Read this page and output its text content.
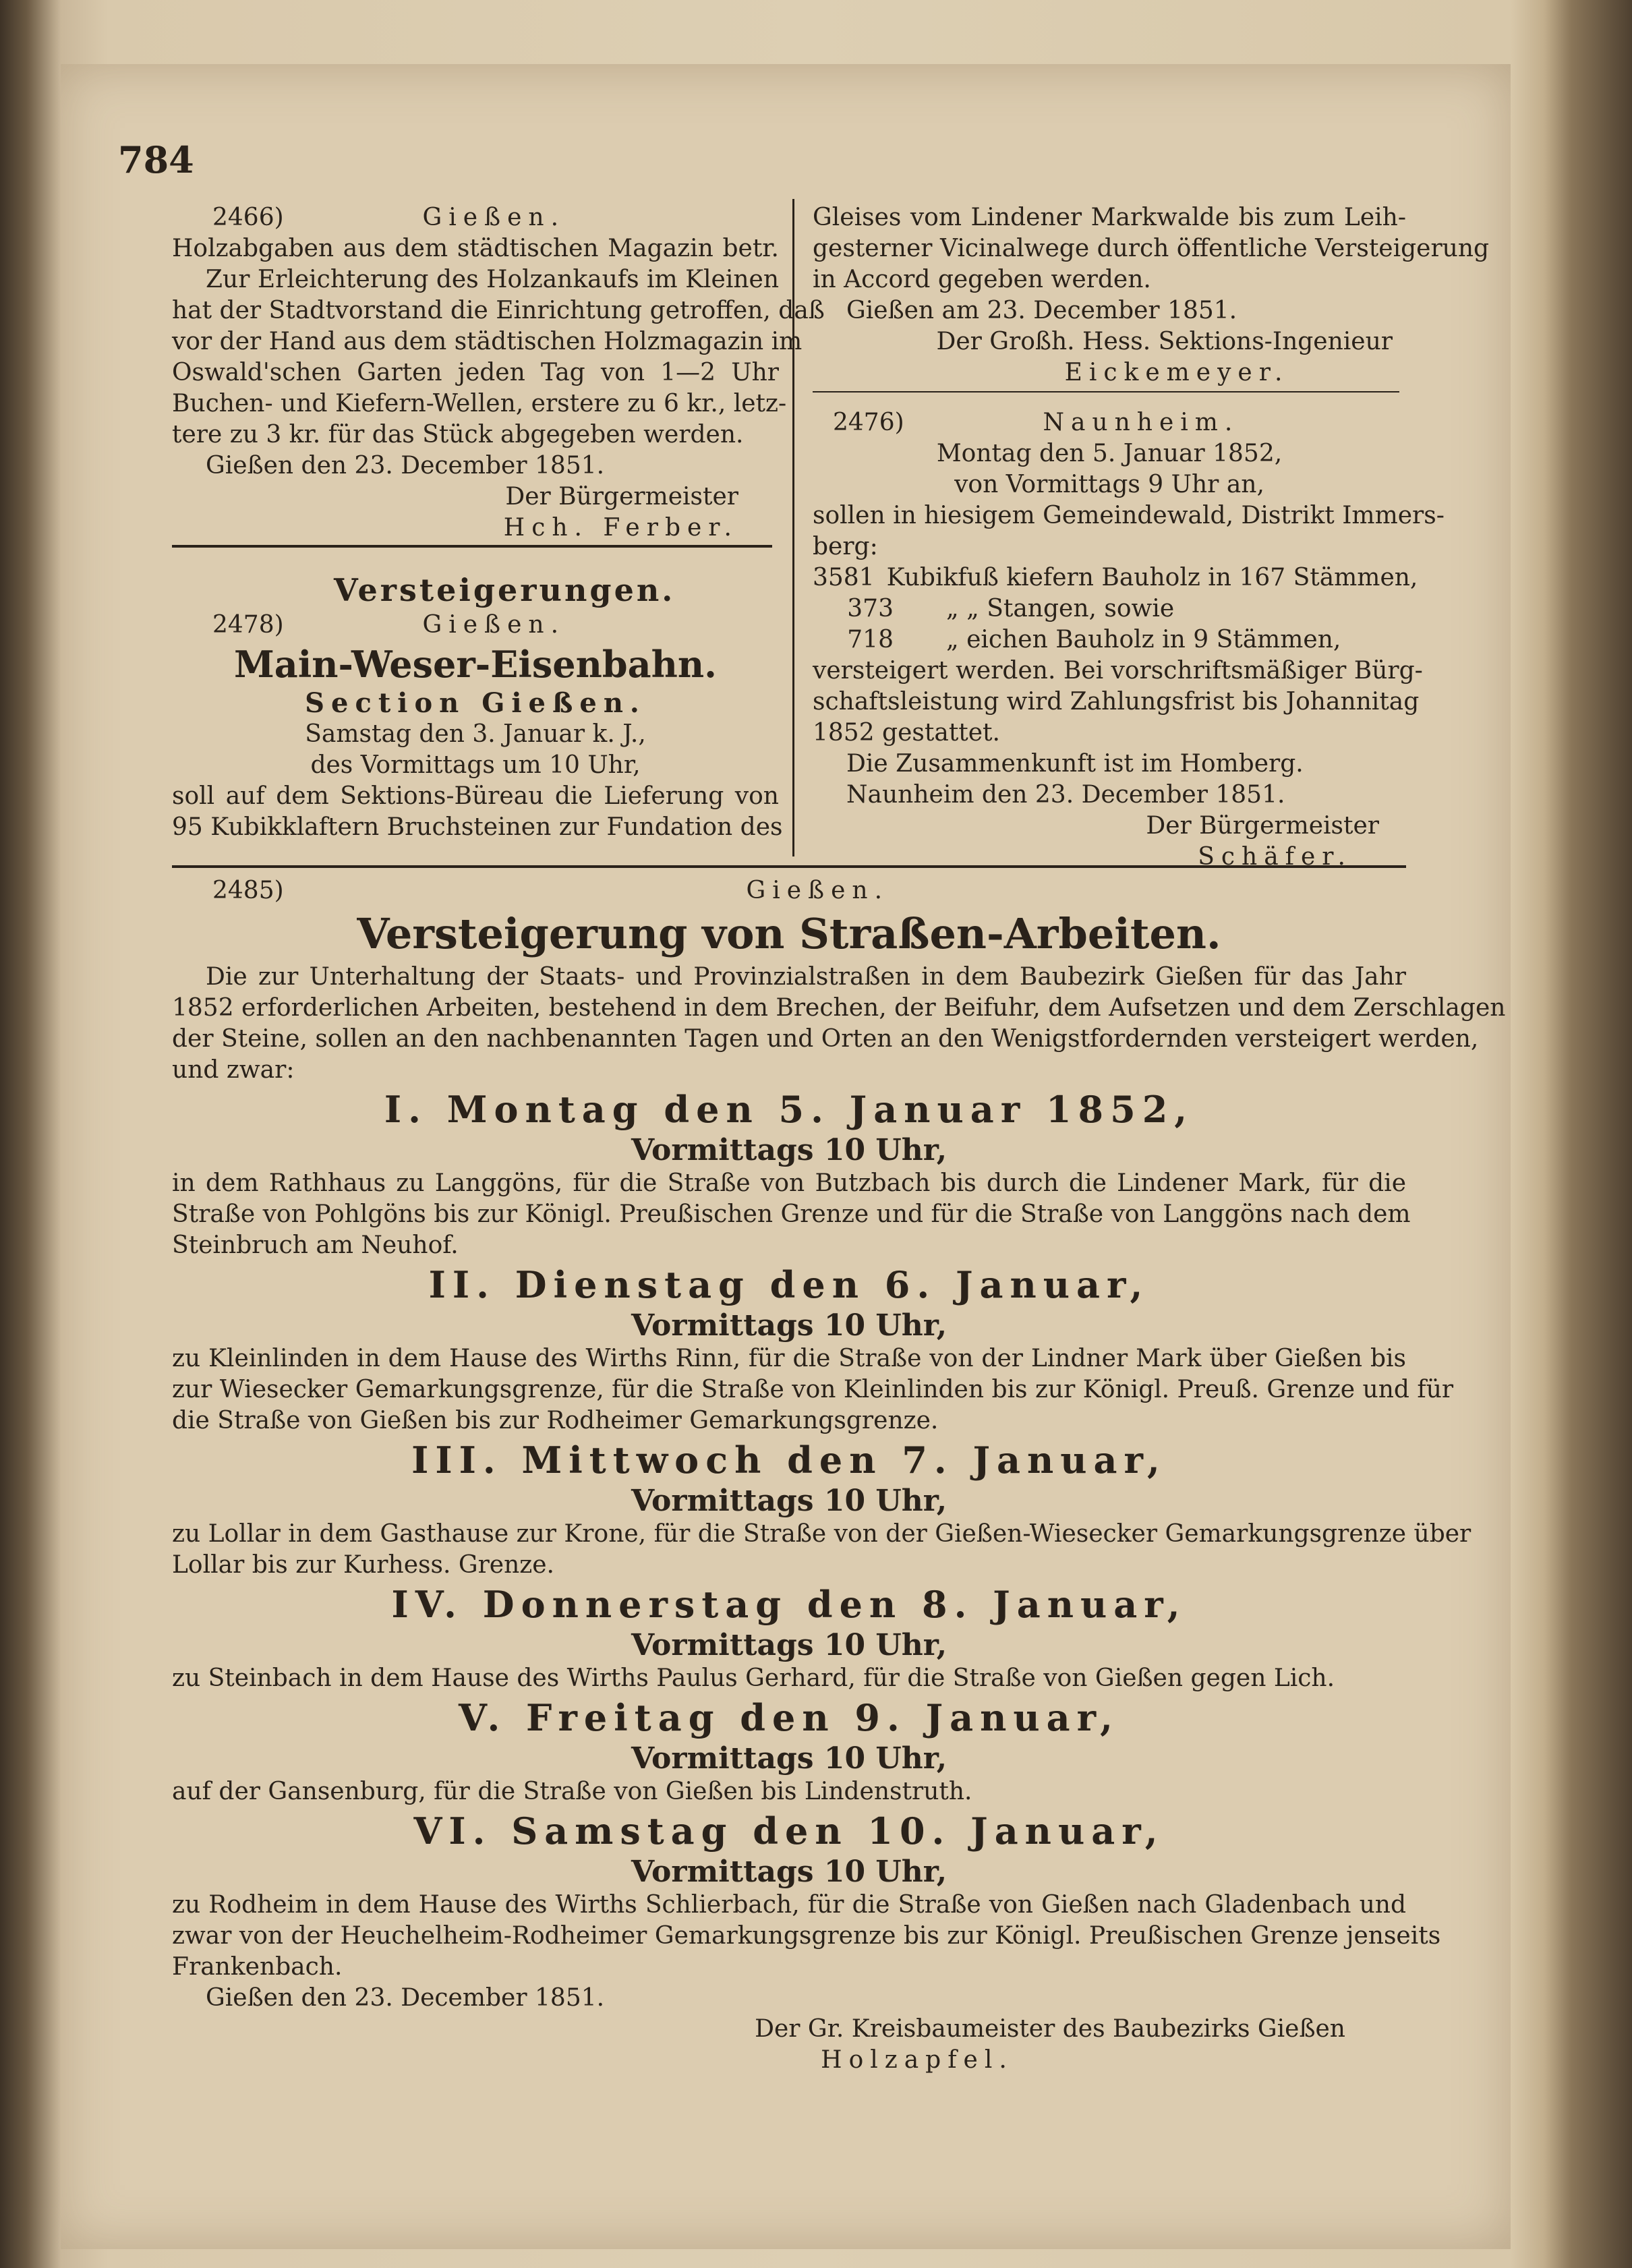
784
2466)	Gießen.
Holzabgaben aus dem städtischen Magazin betr.
Zur Erleichterung des Holzankaufs im Kleinen
hat der Stadtvorstand die Einrichtung getroffen, daß
vor der Hand aus dem städtischen Holzmagazin im
Oswald'schen Garten jeden Tag von 1—2 Uhr
Buchen- und Kiefern-Wellen, erstere zu 6 kr., letz-
tere zu 3 kr. für das Stück abgegeben werden.
Gießen den 23. December 1851.
Der Bürgermeister
Hch. Ferber.
Versteigerungen.
2478)	Gießen.
Main-Weser-Eisenbahn.
Section Gießen.
Samstag den 3. Januar k. J.,
des Vormittags um 10 Uhr,
soll auf dem Sektions-Büreau die Lieferung von
95 Kubikklaftern Bruchsteinen zur Fundation des
Gleises vom Lindener Markwalde bis zum Leih-
gesterner Vicinalwege durch öffentliche Versteigerung
in Accord gegeben werden.
Gießen am 23. December 1851.
Der Großh. Hess. Sektions-Ingenieur
Eickemeyer.
2476)	Naunheim.
Montag den 5. Januar 1852,
von Vormittags 9 Uhr an,
sollen in hiesigem Gemeindewald, Distrikt Immers-
berg:
3581 Kubikfuß kiefern Bauholz in 167 Stämmen,
373	„ „ Stangen, sowie
718	„ eichen Bauholz in 9 Stämmen,
versteigert werden. Bei vorschriftsmäßiger Bürg-
schaftsleistung wird Zahlungsfrist bis Johannitag
1852 gestattet.
Die Zusammenkunft ist im Homberg.
Naunheim den 23. December 1851.
Der Bürgermeister
Schäfer.
2485)	Gießen.
Versteigerung von Straßen-Arbeiten.
Die zur Unterhaltung der Staats- und Provinzialstraßen in dem Baubezirk Gießen für das Jahr
1852 erforderlichen Arbeiten, bestehend in dem Brechen, der Beifuhr, dem Aufsetzen und dem Zerschlagen
der Steine, sollen an den nachbenannten Tagen und Orten an den Wenigstfordernden versteigert werden,
und zwar:
I. Montag den 5. Januar 1852,
Vormittags 10 Uhr,
in dem Rathhaus zu Langgöns, für die Straße von Butzbach bis durch die Lindener Mark, für die
Straße von Pohlgöns bis zur Königl. Preußischen Grenze und für die Straße von Langgöns nach dem
Steinbruch am Neuhof.
II. Dienstag den 6. Januar,
Vormittags 10 Uhr,
zu Kleinlinden in dem Hause des Wirths Rinn, für die Straße von der Lindner Mark über Gießen bis
zur Wiesecker Gemarkungsgrenze, für die Straße von Kleinlinden bis zur Königl. Preuß. Grenze und für
die Straße von Gießen bis zur Rodheimer Gemarkungsgrenze.
III. Mittwoch den 7. Januar,
Vormittags 10 Uhr,
zu Lollar in dem Gasthause zur Krone, für die Straße von der Gießen-Wiesecker Gemarkungsgrenze über
Lollar bis zur Kurhess. Grenze.
IV. Donnerstag den 8. Januar,
Vormittags 10 Uhr,
zu Steinbach in dem Hause des Wirths Paulus Gerhard, für die Straße von Gießen gegen Lich.
V. Freitag den 9. Januar,
Vormittags 10 Uhr,
auf der Gansenburg, für die Straße von Gießen bis Lindenstruth.
VI. Samstag den 10. Januar,
Vormittags 10 Uhr,
zu Rodheim in dem Hause des Wirths Schlierbach, für die Straße von Gießen nach Gladenbach und
zwar von der Heuchelheim-Rodheimer Gemarkungsgrenze bis zur Königl. Preußischen Grenze jenseits
Frankenbach.
Gießen den 23. December 1851.
Der Gr. Kreisbaumeister des Baubezirks Gießen
Holzapfel.
